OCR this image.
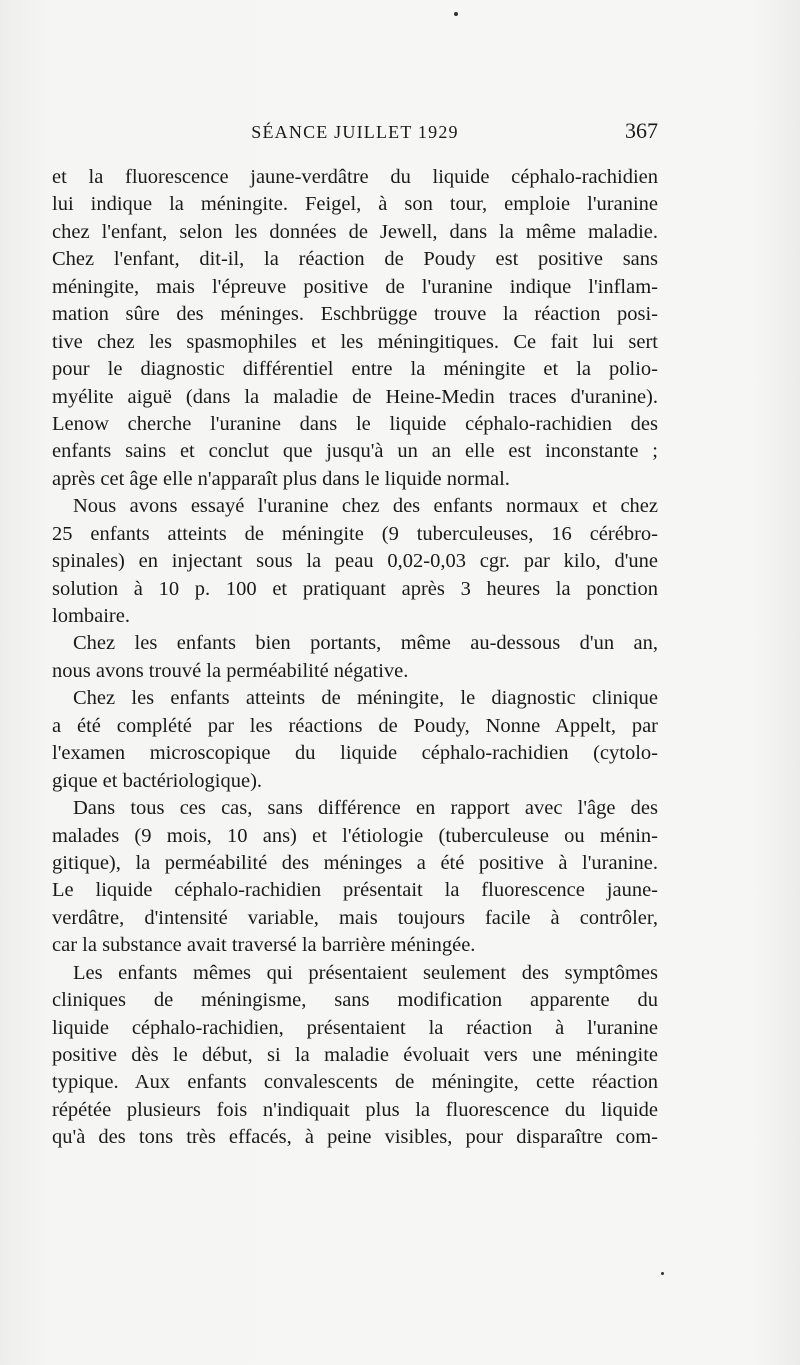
SÉANCE JUILLET 1929	367
et la fluorescence jaune-verdâtre du liquide céphalo-rachidien
lui indique la méningite. Feigel, à son tour, emploie l'uranine
chez l'enfant, selon les données de Jewell, dans la même maladie.
Chez l'enfant, dit-il, la réaction de Poudy est positive sans
méningite, mais l'épreuve positive de l'uranine indique l'inflam-
mation sûre des méninges. Eschbrügge trouve la réaction posi-
tive chez les spasmophiles et les méningitiques. Ce fait lui sert
pour le diagnostic différentiel entre la méningite et la polio-
myélite aiguë (dans la maladie de Heine-Medin traces d'uranine).
Lenow cherche l'uranine dans le liquide céphalo-rachidien des
enfants sains et conclut que jusqu'à un an elle est inconstante ;
après cet âge elle n'apparaît plus dans le liquide normal.
Nous avons essayé l'uranine chez des enfants normaux et chez
25 enfants atteints de méningite (9 tuberculeuses, 16 cérébro-
spinales) en injectant sous la peau 0,02-0,03 cgr. par kilo, d'une
solution à 10 p. 100 et pratiquant après 3 heures la ponction
lombaire.
Chez les enfants bien portants, même au-dessous d'un an,
nous avons trouvé la perméabilité négative.
Chez les enfants atteints de méningite, le diagnostic clinique
a été complété par les réactions de Poudy, Nonne Appelt, par
l'examen microscopique du liquide céphalo-rachidien (cytolo-
gique et bactériologique).
Dans tous ces cas, sans différence en rapport avec l'âge des
malades (9 mois, 10 ans) et l'étiologie (tuberculeuse ou ménin-
gitique), la perméabilité des méninges a été positive à l'uranine.
Le liquide céphalo-rachidien présentait la fluorescence jaune-
verdâtre, d'intensité variable, mais toujours facile à contrôler,
car la substance avait traversé la barrière méningée.
Les enfants mêmes qui présentaient seulement des symptômes
cliniques de méningisme, sans modification apparente du
liquide céphalo-rachidien, présentaient la réaction à l'uranine
positive dès le début, si la maladie évoluait vers une méningite
typique. Aux enfants convalescents de méningite, cette réaction
répétée plusieurs fois n'indiquait plus la fluorescence du liquide
qu'à des tons très effacés, à peine visibles, pour disparaître com-
